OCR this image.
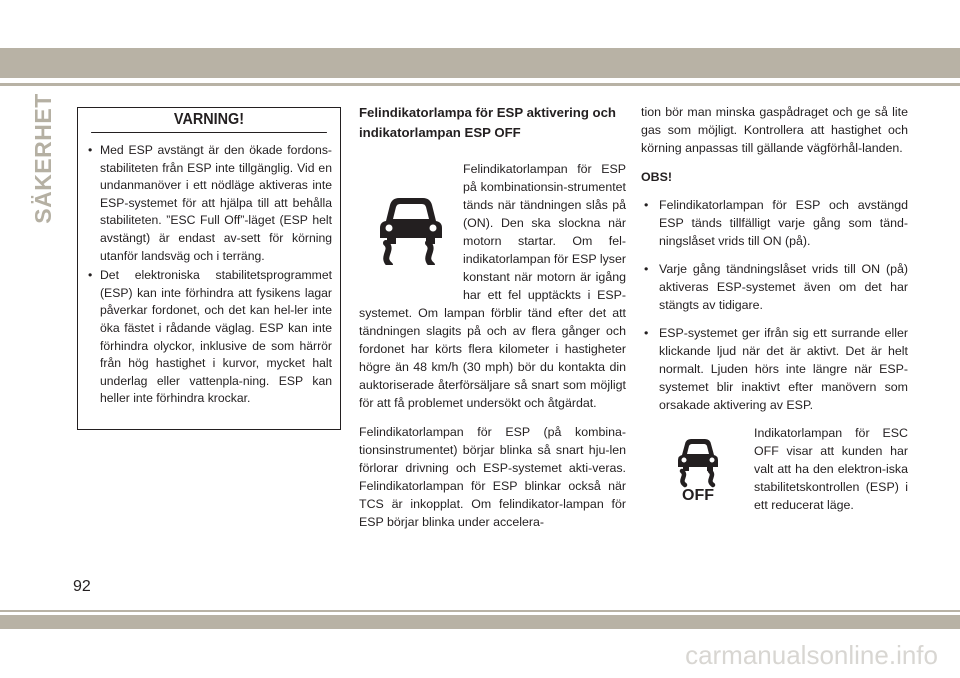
SÄKERHET	VARNING!
• Med ESP avstängt är den ökade fordons-stabiliteten från ESP inte tillgänglig. Vid en undanmanöver i ett nödläge aktiveras inte ESP-systemet för att hjälpa till att behålla stabiliteten. ”ESC Full Off”-läget (ESP helt avstängt) är endast av-sett för körning utanför landsväg och i terräng.
• Det elektroniska stabilitetsprogrammet (ESP) kan inte förhindra att fysikens lagar påverkar fordonet, och det kan hel-ler inte öka fästet i rådande väglag. ESP kan inte förhindra olyckor, inklusive de som härrör från hög hastighet i kurvor, mycket halt underlag eller vattenpla-ning. ESP kan heller inte förhindra krockar.
Felindikatorlampa för ESP aktivering och
indikatorlampan ESP OFF

Felindikatorlampan för ESP på kombinationsin-strumentet tänds när tändningen slås på (ON). Den ska slockna när motorn startar. Om fel-indikatorlampan för ESP lyser konstant när motorn är igång har ett fel upptäckts i ESP-systemet. Om lampan förblir tänd efter det att tändningen slagits på och av flera gånger och fordonet har körts flera kilometer i hastigheter högre än 48 km/h (30 mph) bör du kontakta din auktoriserade återförsäljare så snart som möjligt för att få problemet undersökt och åtgärdat.

Felindikatorlampan för ESP (på kombina-tionsinstrumentet) börjar blinka så snart hju-len förlorar drivning och ESP-systemet akti-veras. Felindikatorlampan för ESP blinkar också när TCS är inkopplat. Om felindikator-lampan för ESP börjar blinka under accelera-

tion bör man minska gaspådraget och ge så lite gas som möjligt. Kontrollera att hastighet och körning anpassas till gällande vägförhål-landen.

OBS!
• Felindikatorlampan för ESP och avstängd ESP tänds tillfälligt varje gång som tänd-ningslåset vrids till ON (på).
• Varje gång tändningslåset vrids till ON (på) aktiveras ESP-systemet även om det har stängts av tidigare.
• ESP-systemet ger ifrån sig ett surrande eller klickande ljud när det är aktivt. Det är helt normalt. Ljuden hörs inte längre när ESP-systemet blir inaktivt efter manövern som orsakade aktivering av ESP.
OFF

Indikatorlampan för ESC OFF visar att kunden har valt att ha den elektron-iska stabilitetskontrollen (ESP) i ett reducerat läge.

92
carmanualsonline.info
